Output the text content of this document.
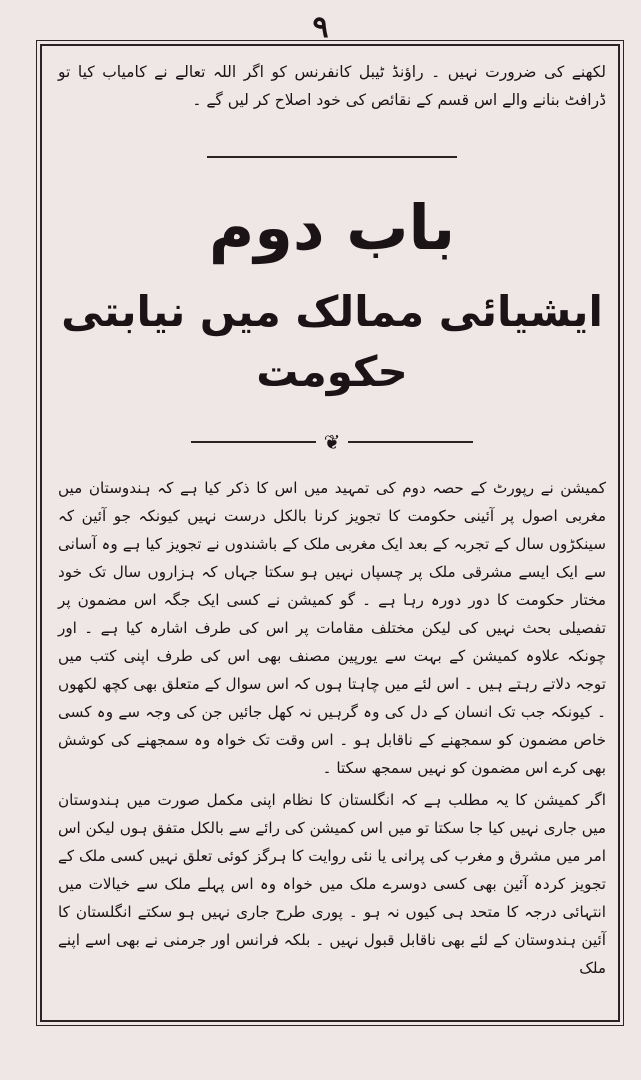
۹

لکھنے کی ضرورت نہیں ۔ راؤنڈ ٹیبل کانفرنس کو اگر اللہ تعالے نے کامیاب کیا تو ڈرافٹ بنانے والے اس قسم کے نقائص کی خود اصلاح کر لیں گے ۔

باب دوم
ایشیائی ممالک میں نیابتی حکومت
❦

کمیشن نے رپورٹ کے حصہ دوم کی تمہید میں اس کا ذکر کیا ہے کہ ہندوستان میں مغربی اصول پر آئینی حکومت کا تجویز کرنا بالکل درست نہیں کیونکہ جو آئین کہ سینکڑوں سال کے تجربہ کے بعد ایک مغربی ملک کے باشندوں نے تجویز کیا ہے وہ آسانی سے ایک ایسے مشرقی ملک پر چسپاں نہیں ہو سکتا جہاں کہ ہزاروں سال تک خود مختار حکومت کا دور دورہ رہا ہے ۔ گو کمیشن نے کسی ایک جگہ اس مضمون پر تفصیلی بحث نہیں کی لیکن مختلف مقامات پر اس کی طرف اشارہ کیا ہے ۔ اور چونکہ علاوہ کمیشن کے بہت سے یورپین مصنف بھی اس کی طرف اپنی کتب میں توجہ دلاتے رہتے ہیں ۔ اس لئے میں چاہتا ہوں کہ اس سوال کے متعلق بھی کچھ لکھوں ۔ کیونکہ جب تک انسان کے دل کی وہ گرہیں نہ کھل جائیں جن کی وجہ سے وہ کسی خاص مضمون کو سمجھنے کے ناقابل ہو ۔ اس وقت تک خواہ وہ سمجھنے کی کوشش بھی کرے اس مضمون کو نہیں سمجھ سکتا ۔

اگر کمیشن کا یہ مطلب ہے کہ انگلستان کا نظام اپنی مکمل صورت میں ہندوستان میں جاری نہیں کیا جا سکتا تو میں اس کمیشن کی رائے سے بالکل متفق ہوں لیکن اس امر میں مشرق و مغرب کی پرانی یا نئی روایت کا ہرگز کوئی تعلق نہیں کسی ملک کے تجویز کردہ آئین بھی کسی دوسرے ملک میں خواہ وہ اس پہلے ملک سے خیالات میں انتہائی درجہ کا متحد ہی کیوں نہ ہو ۔ پوری طرح جاری نہیں ہو سکتے انگلستان کا آئین ہندوستان کے لئے بھی ناقابل قبول نہیں ۔ بلکہ فرانس اور جرمنی نے بھی اسے اپنے ملک
